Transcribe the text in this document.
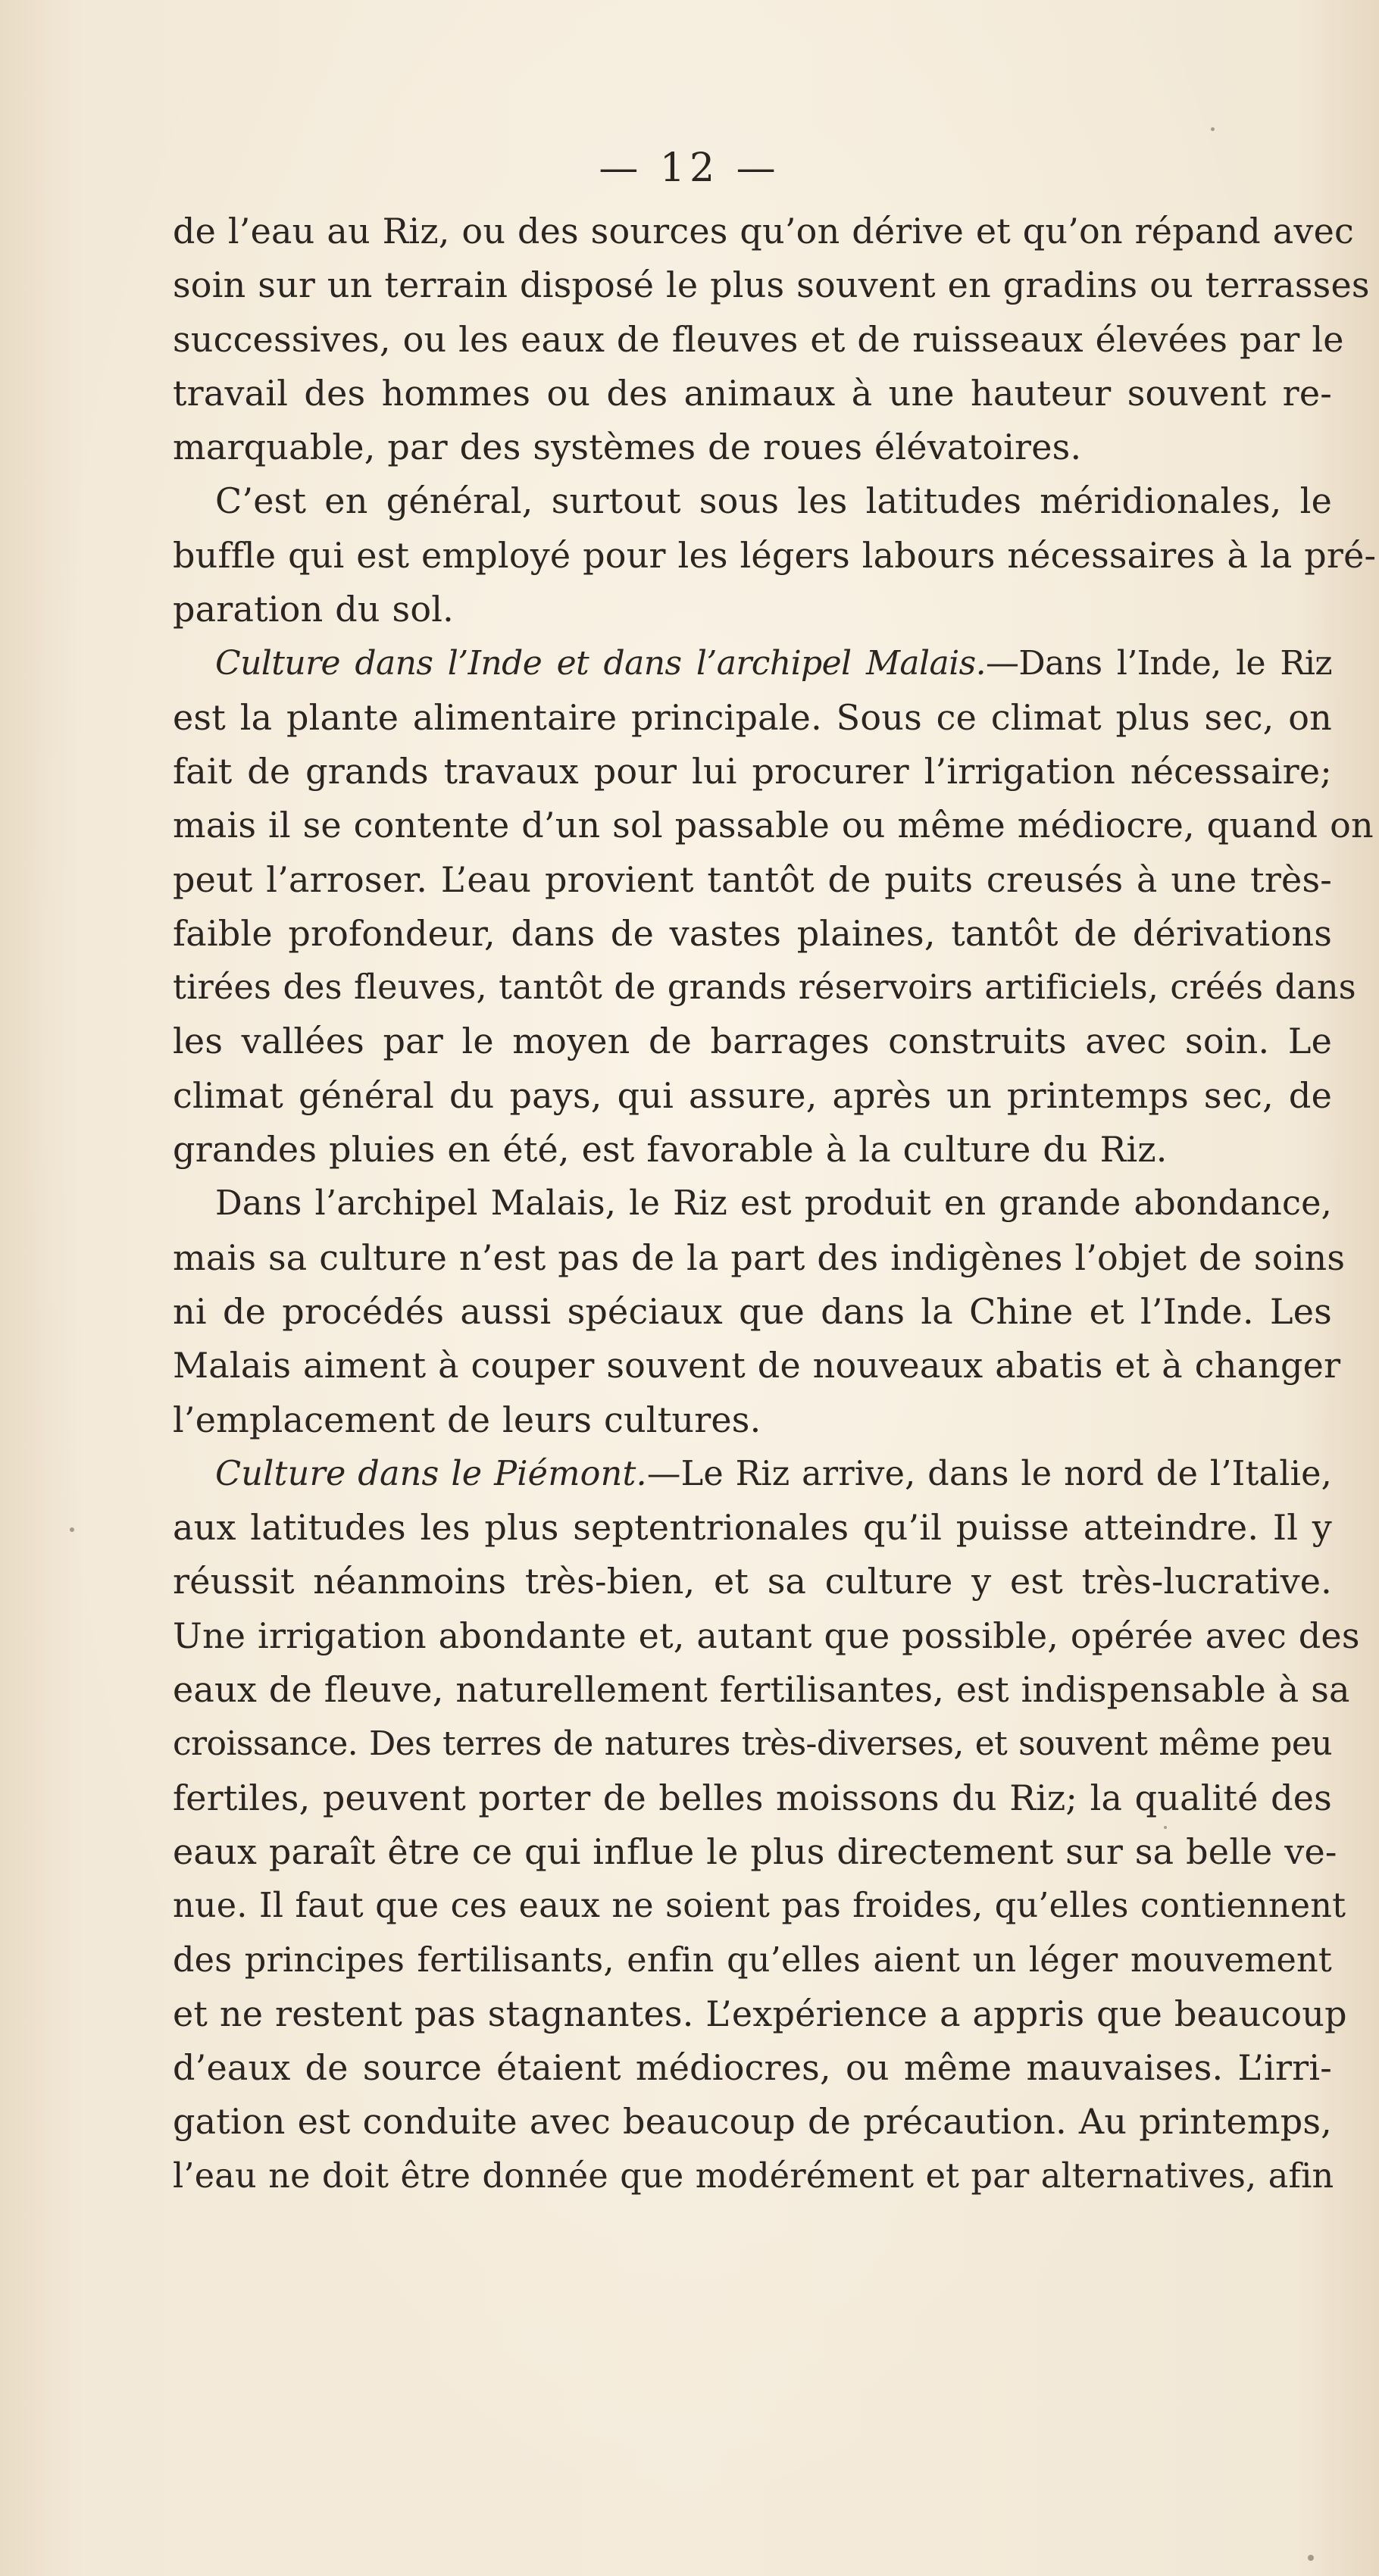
— 12 —
de l’eau au Riz, ou des sources qu’on dérive et qu’on répand avec
soin sur un terrain disposé le plus souvent en gradins ou terrasses
successives, ou les eaux de fleuves et de ruisseaux élevées par le
travail des hommes ou des animaux à une hauteur souvent re-
marquable, par des systèmes de roues élévatoires.
C’est en général, surtout sous les latitudes méridionales, le
buffle qui est employé pour les légers labours nécessaires à la pré-
paration du sol.
Culture dans l’Inde et dans l’archipel Malais.—Dans l’Inde, le Riz
est la plante alimentaire principale. Sous ce climat plus sec, on
fait de grands travaux pour lui procurer l’irrigation nécessaire;
mais il se contente d’un sol passable ou même médiocre, quand on
peut l’arroser. L’eau provient tantôt de puits creusés à une très-
faible profondeur, dans de vastes plaines, tantôt de dérivations
tirées des fleuves, tantôt de grands réservoirs artificiels, créés dans
les vallées par le moyen de barrages construits avec soin. Le
climat général du pays, qui assure, après un printemps sec, de
grandes pluies en été, est favorable à la culture du Riz.
Dans l’archipel Malais, le Riz est produit en grande abondance,
mais sa culture n’est pas de la part des indigènes l’objet de soins
ni de procédés aussi spéciaux que dans la Chine et l’Inde. Les
Malais aiment à couper souvent de nouveaux abatis et à changer
l’emplacement de leurs cultures.
Culture dans le Piémont.—Le Riz arrive, dans le nord de l’Italie,
aux latitudes les plus septentrionales qu’il puisse atteindre. Il y
réussit néanmoins très-bien, et sa culture y est très-lucrative.
Une irrigation abondante et, autant que possible, opérée avec des
eaux de fleuve, naturellement fertilisantes, est indispensable à sa
croissance. Des terres de natures très-diverses, et souvent même peu
fertiles, peuvent porter de belles moissons du Riz; la qualité des
eaux paraît être ce qui influe le plus directement sur sa belle ve-
nue. Il faut que ces eaux ne soient pas froides, qu’elles contiennent
des principes fertilisants, enfin qu’elles aient un léger mouvement
et ne restent pas stagnantes. L’expérience a appris que beaucoup
d’eaux de source étaient médiocres, ou même mauvaises. L’irri-
gation est conduite avec beaucoup de précaution. Au printemps,
l’eau ne doit être donnée que modérément et par alternatives, afin
